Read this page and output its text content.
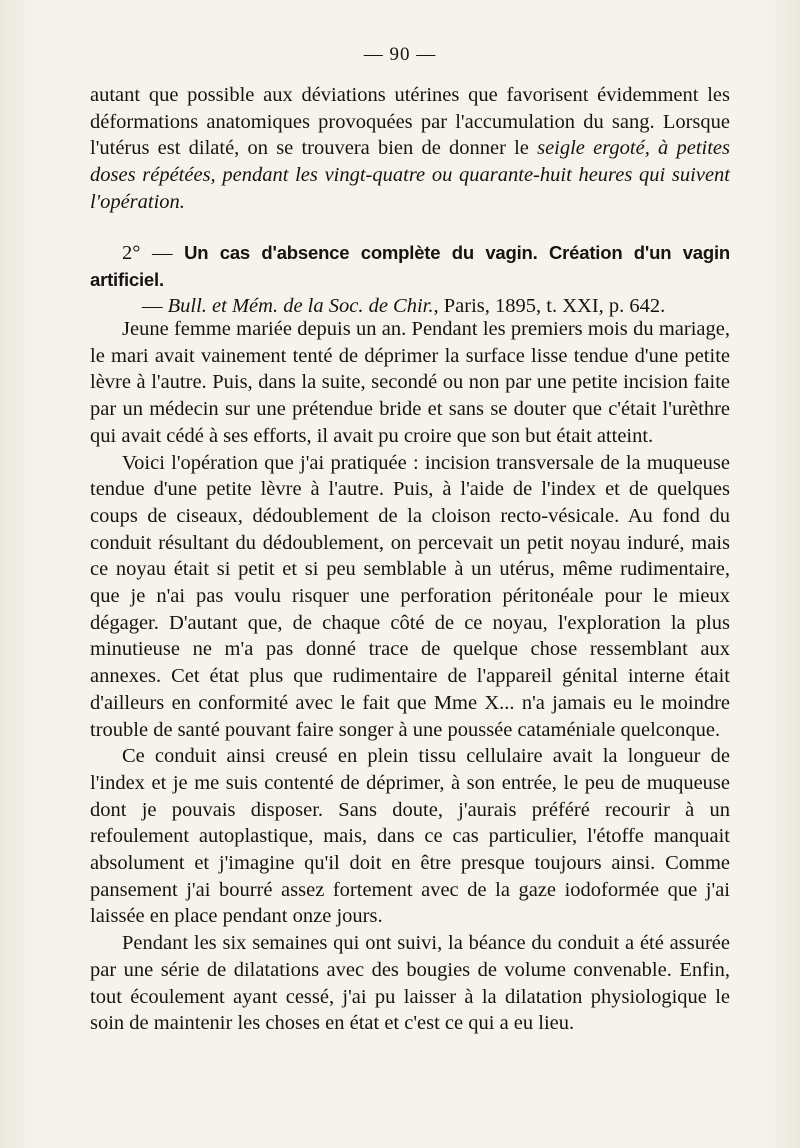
— 90 —

autant que possible aux déviations utérines que favorisent évidemment les déformations anatomiques provoquées par l'accumulation du sang. Lorsque l'utérus est dilaté, on se trouvera bien de donner le seigle ergoté, à petites doses répétées, pendant les vingt-quatre ou quarante-huit heures qui suivent l'opération.

2° — Un cas d'absence complète du vagin. Création d'un vagin artificiel.

— Bull. et Mém. de la Soc. de Chir., Paris, 1895, t. XXI, p. 642.

Jeune femme mariée depuis un an. Pendant les premiers mois du mariage, le mari avait vainement tenté de déprimer la surface lisse tendue d'une petite lèvre à l'autre. Puis, dans la suite, secondé ou non par une petite incision faite par un médecin sur une prétendue bride et sans se douter que c'était l'urèthre qui avait cédé à ses efforts, il avait pu croire que son but était atteint.

Voici l'opération que j'ai pratiquée : incision transversale de la muqueuse tendue d'une petite lèvre à l'autre. Puis, à l'aide de l'index et de quelques coups de ciseaux, dédoublement de la cloison recto-vésicale. Au fond du conduit résultant du dédoublement, on percevait un petit noyau induré, mais ce noyau était si petit et si peu semblable à un utérus, même rudimentaire, que je n'ai pas voulu risquer une perforation péritonéale pour le mieux dégager. D'autant que, de chaque côté de ce noyau, l'exploration la plus minutieuse ne m'a pas donné trace de quelque chose ressemblant aux annexes. Cet état plus que rudimentaire de l'appareil génital interne était d'ailleurs en conformité avec le fait que Mme X... n'a jamais eu le moindre trouble de santé pouvant faire songer à une poussée cataméniale quelconque.

Ce conduit ainsi creusé en plein tissu cellulaire avait la longueur de l'index et je me suis contenté de déprimer, à son entrée, le peu de muqueuse dont je pouvais disposer. Sans doute, j'aurais préféré recourir à un refoulement autoplastique, mais, dans ce cas particulier, l'étoffe manquait absolument et j'imagine qu'il doit en être presque toujours ainsi. Comme pansement j'ai bourré assez fortement avec de la gaze iodoformée que j'ai laissée en place pendant onze jours.

Pendant les six semaines qui ont suivi, la béance du conduit a été assurée par une série de dilatations avec des bougies de volume convenable. Enfin, tout écoulement ayant cessé, j'ai pu laisser à la dilatation physiologique le soin de maintenir les choses en état et c'est ce qui a eu lieu.
